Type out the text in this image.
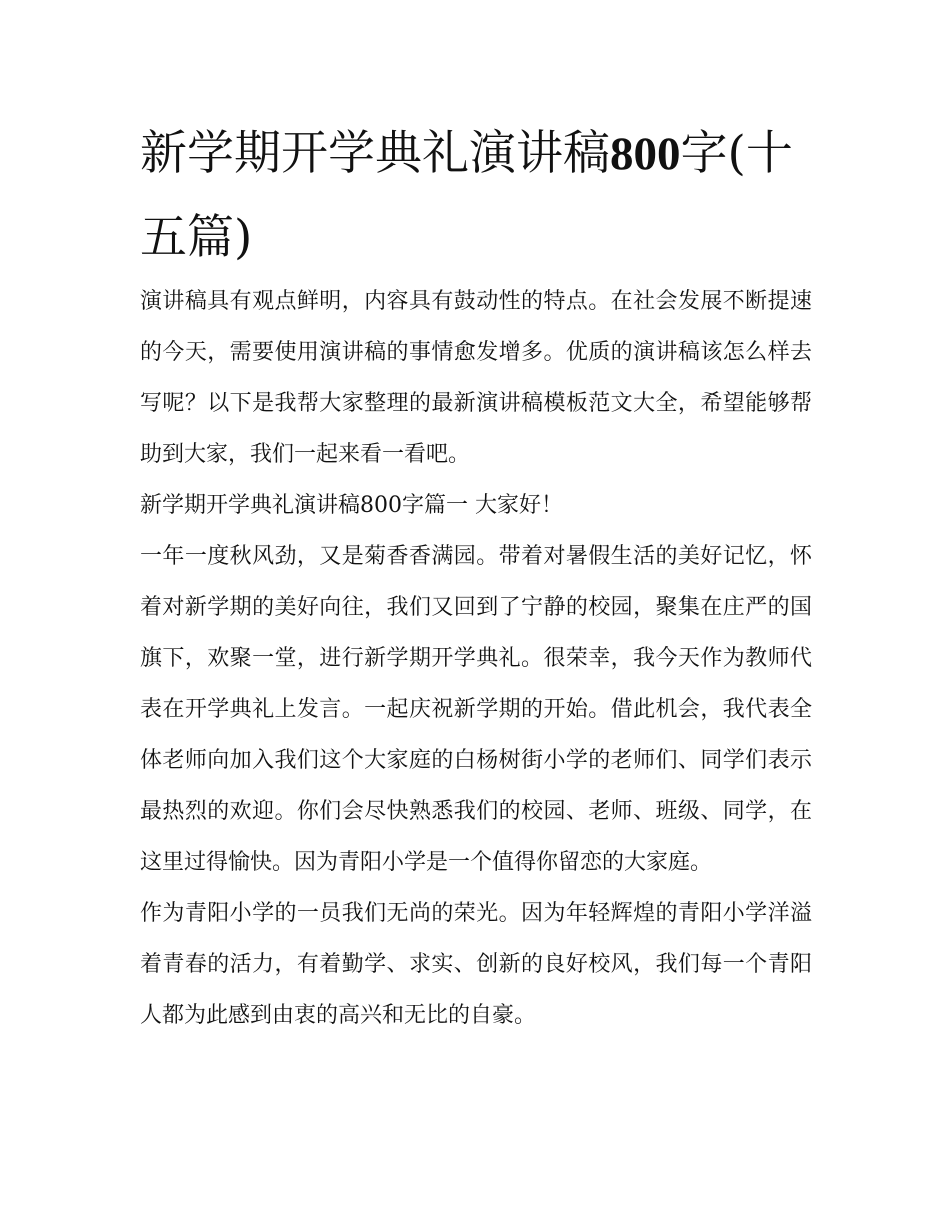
新学期开学典礼演讲稿800字(十五篇)

演讲稿具有观点鲜明，内容具有鼓动性的特点。在社会发展不断提速的今天，需要使用演讲稿的事情愈发增多。优质的演讲稿该怎么样去写呢？以下是我帮大家整理的最新演讲稿模板范文大全，希望能够帮助到大家，我们一起来看一看吧。

新学期开学典礼演讲稿800字篇一 大家好！

一年一度秋风劲，又是菊香香满园。带着对暑假生活的美好记忆，怀着对新学期的美好向往，我们又回到了宁静的校园，聚集在庄严的国旗下，欢聚一堂，进行新学期开学典礼。很荣幸，我今天作为教师代表在开学典礼上发言。一起庆祝新学期的开始。借此机会，我代表全体老师向加入我们这个大家庭的白杨树街小学的老师们、同学们表示最热烈的欢迎。你们会尽快熟悉我们的校园、老师、班级、同学，在这里过得愉快。因为青阳小学是一个值得你留恋的大家庭。

作为青阳小学的一员我们无尚的荣光。因为年轻辉煌的青阳小学洋溢着青春的活力，有着勤学、求实、创新的良好校风，我们每一个青阳人都为此感到由衷的高兴和无比的自豪。
